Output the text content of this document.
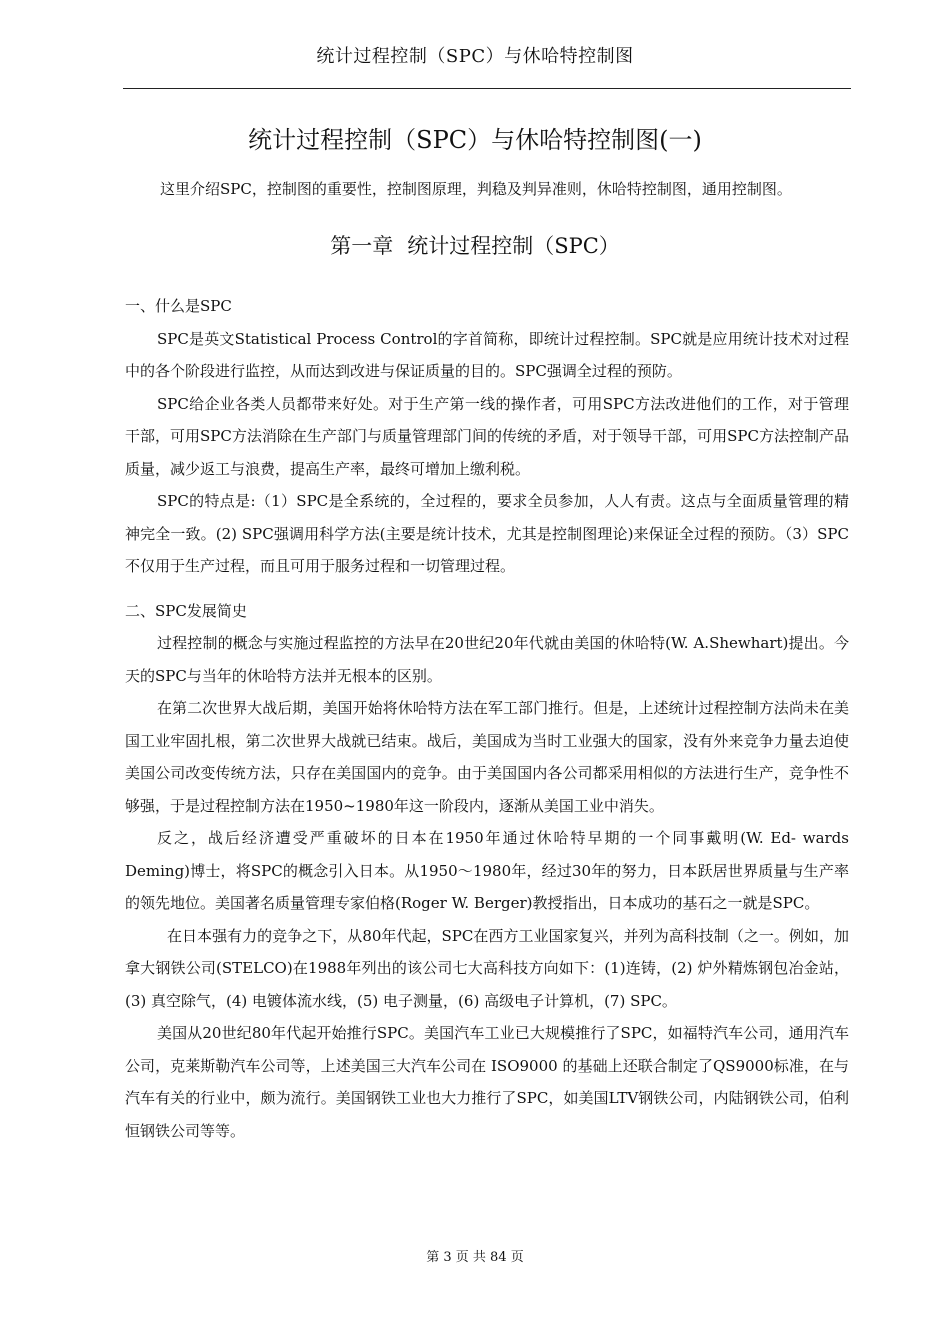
统计过程控制（SPC）与休哈特控制图
统计过程控制（SPC）与休哈特控制图(一)
这里介绍SPC，控制图的重要性，控制图原理，判稳及判异准则，休哈特控制图，通用控制图。
第一章 统计过程控制（SPC）

一、什么是SPC

SPC是英文Statistical Process Control的字首简称，即统计过程控制。SPC就是应用统计技术对过程中的各个阶段进行监控，从而达到改进与保证质量的目的。SPC强调全过程的预防。

SPC给企业各类人员都带来好处。对于生产第一线的操作者，可用SPC方法改进他们的工作，对于管理干部，可用SPC方法消除在生产部门与质量管理部门间的传统的矛盾，对于领导干部，可用SPC方法控制产品质量，减少返工与浪费，提高生产率，最终可增加上缴利税。

SPC的特点是:（1）SPC是全系统的，全过程的，要求全员参加，人人有责。这点与全面质量管理的精神完全一致。(2) SPC强调用科学方法(主要是统计技术，尤其是控制图理论)来保证全过程的预防。（3）SPC不仅用于生产过程，而且可用于服务过程和一切管理过程。

二、SPC发展简史

过程控制的概念与实施过程监控的方法早在20世纪20年代就由美国的休哈特(W. A.Shewhart)提出。今天的SPC与当年的休哈特方法并无根本的区别。

在第二次世界大战后期，美国开始将休哈特方法在军工部门推行。但是，上述统计过程控制方法尚未在美国工业牢固扎根，第二次世界大战就已结束。战后，美国成为当时工业强大的国家，没有外来竞争力量去迫使美国公司改变传统方法，只存在美国国内的竞争。由于美国国内各公司都采用相似的方法进行生产，竞争性不够强，于是过程控制方法在1950~1980年这一阶段内，逐渐从美国工业中消失。

反之，战后经济遭受严重破坏的日本在1950年通过休哈特早期的一个同事戴明(W. Ed- wards Deming)博士，将SPC的概念引入日本。从1950～1980年，经过30年的努力，日本跃居世界质量与生产率的领先地位。美国著名质量管理专家伯格(Roger W. Berger)教授指出，日本成功的基石之一就是SPC。

在日本强有力的竞争之下，从80年代起，SPC在西方工业国家复兴，并列为高科技制（之一。例如，加拿大钢铁公司(STELCO)在1988年列出的该公司七大高科技方向如下：(1)连铸，(2) 炉外精炼钢包冶金站，(3) 真空除气，(4) 电镀体流水线，(5) 电子测量，(6) 高级电子计算机，(7) SPC。

美国从20世纪80年代起开始推行SPC。美国汽车工业已大规模推行了SPC，如福特汽车公司，通用汽车公司，克莱斯勒汽车公司等，上述美国三大汽车公司在 ISO9000 的基础上还联合制定了QS9000标准，在与汽车有关的行业中，颇为流行。美国钢铁工业也大力推行了SPC，如美国LTV钢铁公司，内陆钢铁公司，伯利恒钢铁公司等等。

第 3 页 共 84 页
